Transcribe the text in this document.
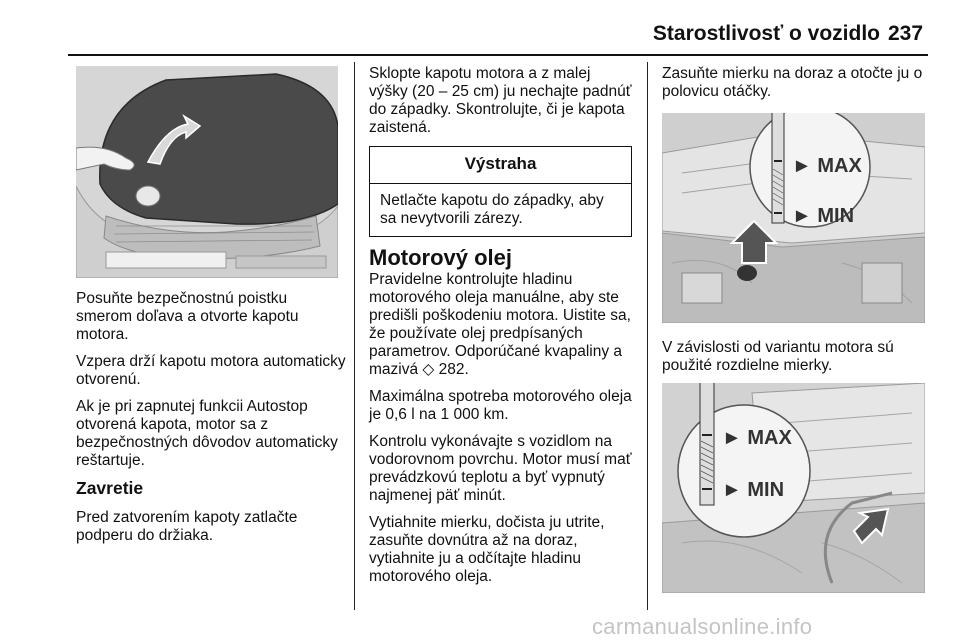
Starostlivosť o vozidlo 237

Posuňte bezpečnostnú poistku smerom doľava a otvorte kapotu motora.

Vzpera drží kapotu motora automaticky otvorenú.

Ak je pri zapnutej funkcii Autostop otvorená kapota, motor sa z bezpečnostných dôvodov automaticky reštartuje.

Zavretie

Pred zatvorením kapoty zatlačte podperu do držiaka.

Sklopte kapotu motora a z malej výšky (20 – 25 cm) ju nechajte padnúť do západky. Skontrolujte, či je kapota zaistená.

Výstraha
Netlačte kapotu do západky, aby sa nevytvorili zárezy.
Motorový olej

Pravidelne kontrolujte hladinu motorového oleja manuálne, aby ste predišli poškodeniu motora. Uistite sa, že používate olej predpísaných parametrov. Odporúčané kvapaliny a mazivá ◇ 282.

Maximálna spotreba motorového oleja je 0,6 l na 1 000 km.

Kontrolu vykonávajte s vozidlom na vodorovnom povrchu. Motor musí mať prevádzkovú teplotu a byť vypnutý najmenej päť minút.

Vytiahnite mierku, dočista ju utrite, zasuňte dovnútra až na doraz, vytiahnite ju a odčítajte hladinu motorového oleja.

Zasuňte mierku na doraz a otočte ju o polovicu otáčky.

► MAX
► MIN

V závislosti od variantu motora sú použité rozdielne mierky.

► MAX
► MIN
carmanualsonline.info
